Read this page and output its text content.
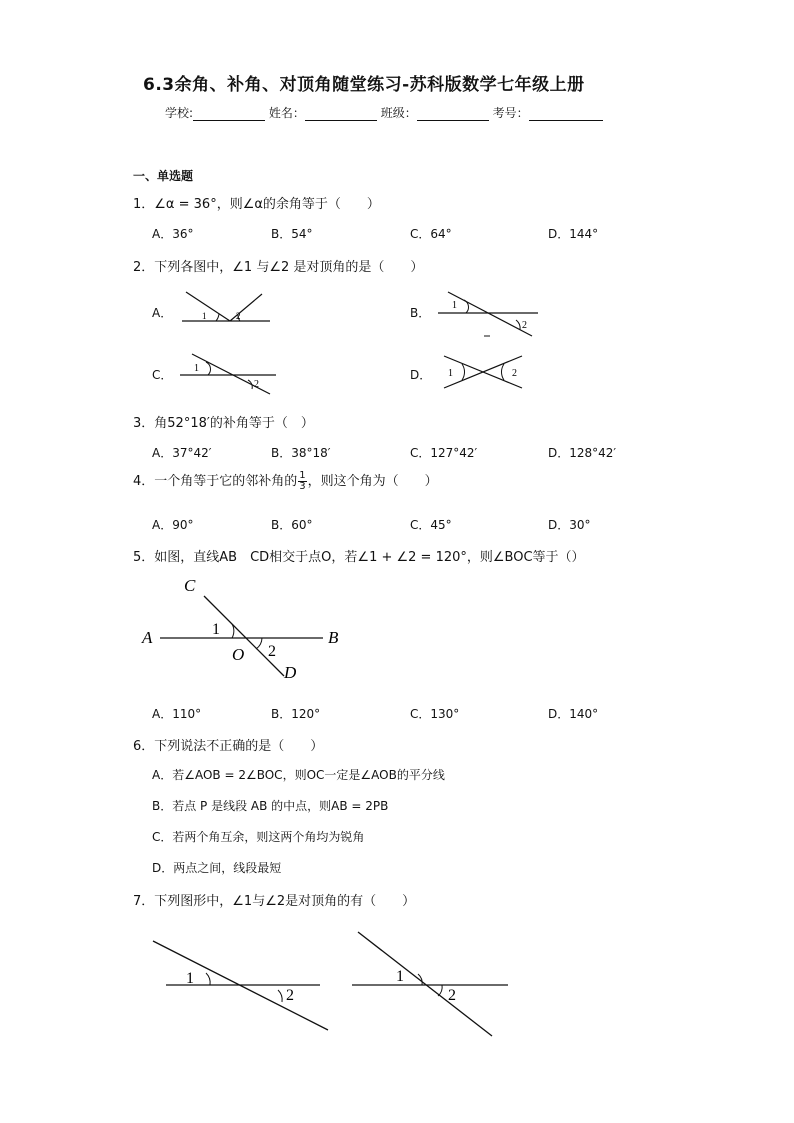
6.3余角、补角、对顶角随堂练习-苏科版数学七年级上册
学校:	姓名：	班级：	考号：
一、单选题
1．∠α = 36°，则∠α的余角等于（　　）
A．36°	B．54°	C．64°	D．144°
2．下列各图中，∠1 与∠2 是对顶角的是（　　）
A．	B．
C．	D．
1	2
1
2
1
2
1	2
3．角52°18′的补角等于（　）
A．37°42′	B．38°18′	C．127°42′	D．128°42′
4．一个角等于它的邻补角的 $\frac{1}{3}$ ，则这个角为（　　）
A．90°	B．60°	C．45°	D．30°
5．如图，直线AB　CD相交于点O，若∠1 + ∠2 = 120°，则∠BOC等于（）
A	B
C
D
O
1
2
A．110°	B．120°	C．130°	D．140°
6．下列说法不正确的是（　　）
A．若∠AOB = 2∠BOC，则OC一定是∠AOB的平分线
B．若点 P 是线段 AB 的中点，则AB = 2PB
C．若两个角互余，则这两个角均为锐角
D．两点之间，线段最短
7．下列图形中，∠1与∠2是对顶角的有（　　）
1
2
1
2
